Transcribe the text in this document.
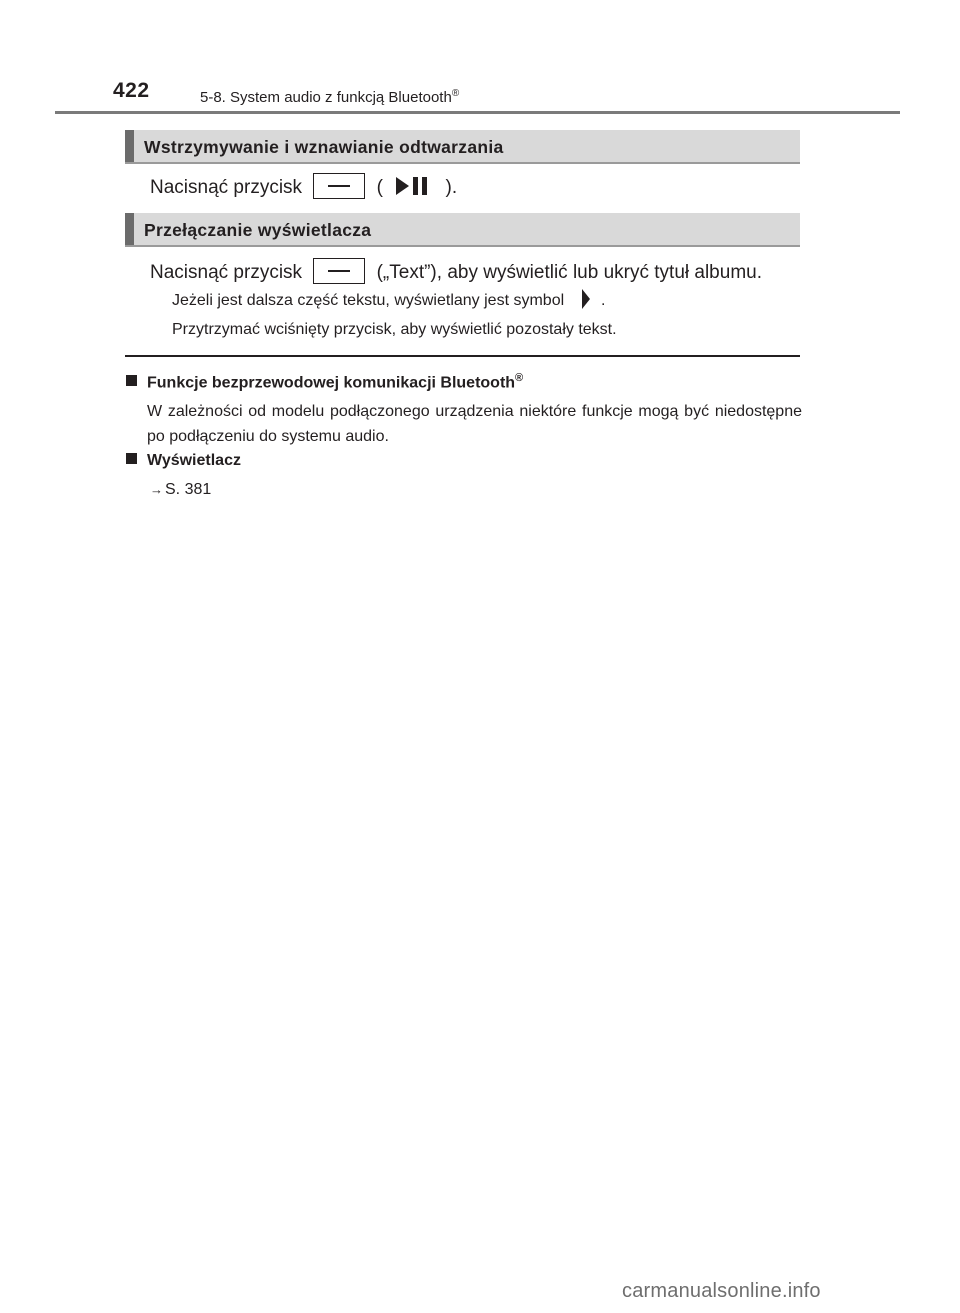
422	5-8. System audio z funkcją Bluetooth®
Wstrzymywanie i wznawianie odtwarzania
Nacisnąć przycisk	(	).
Przełączanie wyświetlacza
Nacisnąć przycisk	(„Text”), aby wyświetlić lub ukryć tytuł albumu.
Jeżeli jest dalsza część tekstu, wyświetlany jest symbol .
Przytrzymać wciśnięty przycisk, aby wyświetlić pozostały tekst.
Funkcje bezprzewodowej komunikacji Bluetooth®
W zależności od modelu podłączonego urządzenia niektóre funkcje mogą być niedostępne po podłączeniu do systemu audio.
Wyświetlacz
→ S. 381
carmanualsonline.info
